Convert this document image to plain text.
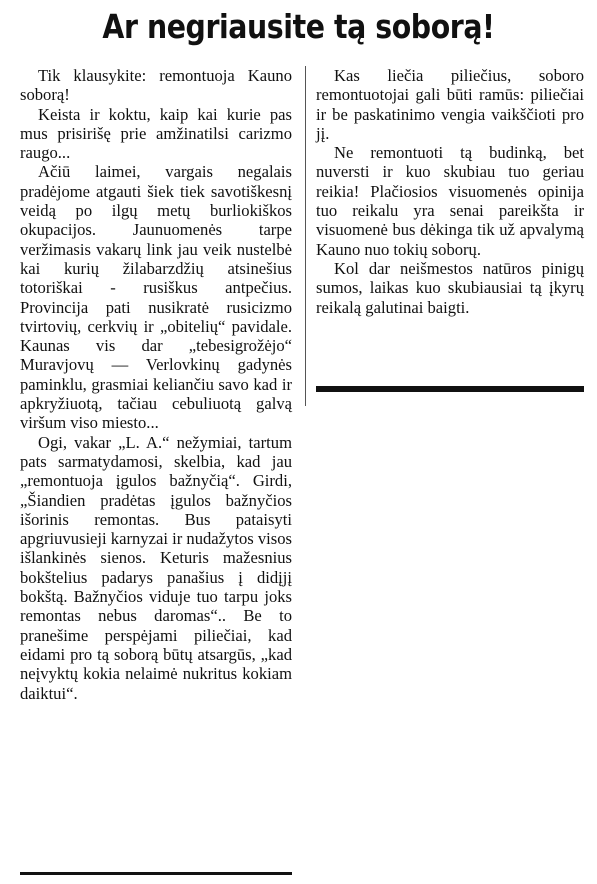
Ar negriausite tą soborą!

Tik klausykite: remontuoja Kauno soborą!

Keista ir koktu, kaip kai kurie pas mus prisirišę prie amžinatilsi carizmo raugo...

Ačiū laimei, vargais negalais pradėjome atgauti šiek tiek savotiškesnį veidą po ilgų metų burliokiškos okupacijos. Jaunuomenės tarpe veržimasis vakarų link jau veik nustelbė kai kurių žilabarzdžių atsinešius totoriškai - rusiškus antpečius. Provincija pati nusikratė rusicizmo tvirtovių, cerkvių ir „obitelių“ pavidale. Kaunas vis dar „tebesigrožėjo“ Muravjovų — Verlovkinų gadynės paminklu, grasmiai keliančiu savo kad ir apkryžiuotą, tačiau cebuliuotą galvą viršum viso miesto...

Ogi, vakar „L. A.“ nežymiai, tartum pats sarmatydamosi, skelbia, kad jau „remontuoja įgulos bažnyčią“. Girdi, „Šiandien pradėtas įgulos bažnyčios išorinis remontas. Bus pataisyti apgriuvusieji karnyzai ir nudažytos visos išlankinės sienos. Keturis mažesnius bokštelius padarys panašius į didįjį bokštą. Bažnyčios viduje tuo tarpu joks remontas nebus daromas“.. Be to pranešime perspėjami piliečiai, kad eidami pro tą soborą būtų atsargūs, „kad neįvyktų kokia nelaimė nukritus kokiam daiktui“.

Kas liečia piliečius, soboro remontuotojai gali būti ramūs: piliečiai ir be paskatinimo vengia vaikščioti pro jį.

Ne remontuoti tą budinką, bet nuversti ir kuo skubiau tuo geriau reikia! Plačiosios visuomenės opinija tuo reikalu yra senai pareikšta ir visuomenė bus dėkinga tik už apvalymą Kauno nuo tokių soborų.

Kol dar neišmestos natūros pinigų sumos, laikas kuo skubiausiai tą įkyrų reikalą galutinai baigti.
